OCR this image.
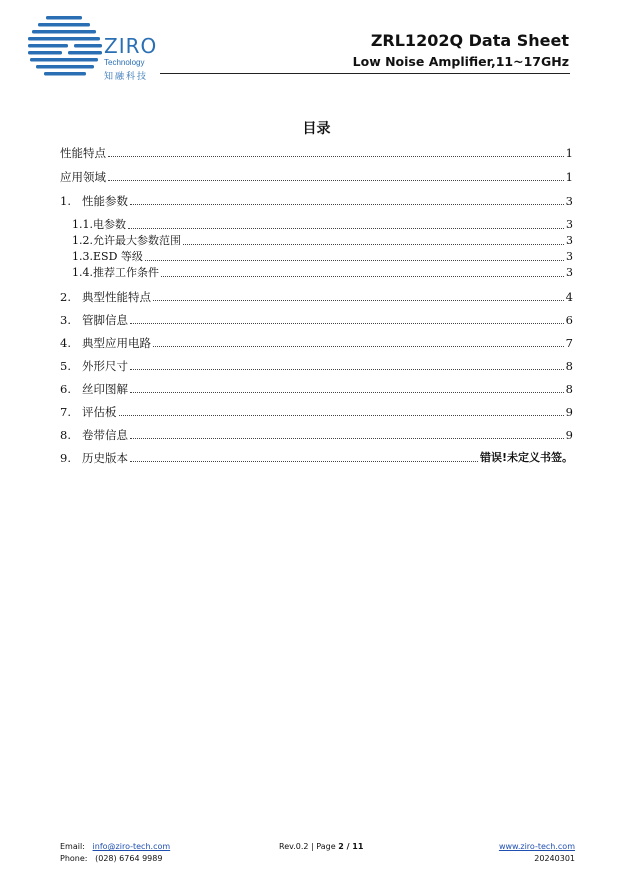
ZIRO
Technology
知融科技
ZRL1202Q Data Sheet
Low Noise Amplifier,11~17GHz
目录
性能特点	1
应用领域	1
1. 性能参数	3
1.1. 电参数	3
1.2. 允许最大参数范围	3
1.3. ESD 等级	3
1.4. 推荐工作条件	3
2. 典型性能特点	4
3. 管脚信息	6
4. 典型应用电路	7
5. 外形尺寸	8
6. 丝印图解	8
7. 评估板	9
8. 卷带信息	9
9. 历史版本	错误!未定义书签。
Email: info@ziro-tech.com	Rev.0.2 | Page 2 / 11	www.ziro-tech.com
Phone: (028) 6764 9989	20240301
